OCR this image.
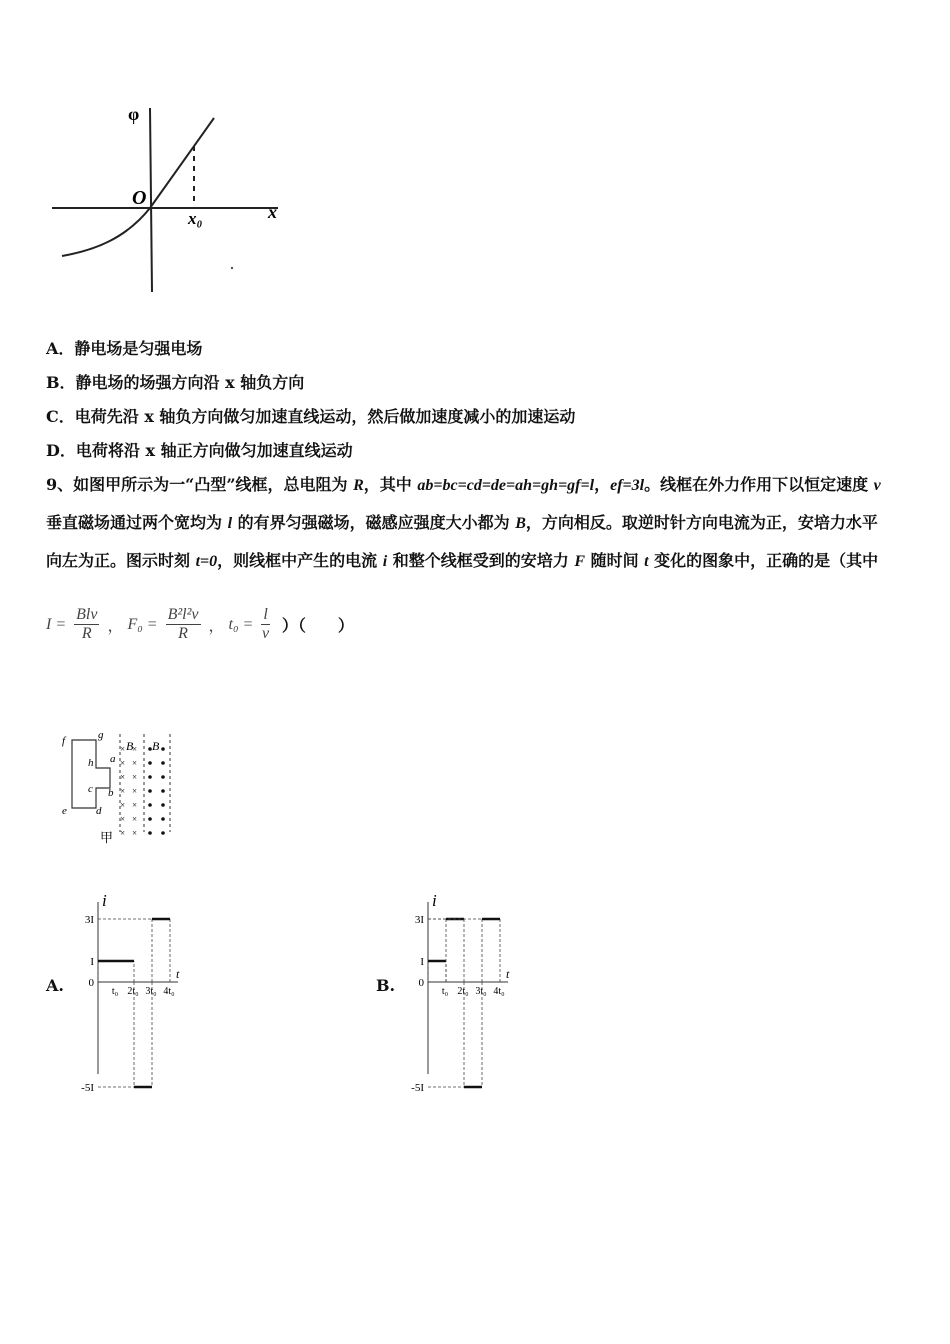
φ
O
x₀	x
A．静电场是匀强电场
B．静电场的场强方向沿 x 轴负方向
C．电荷先沿 x 轴负方向做匀加速直线运动，然后做加速度减小的加速运动
D．电荷将沿 x 轴正方向做匀加速直线运动
9、如图甲所示为一“凸型”线框，总电阻为 R，其中 ab=bc=cd=de=ah=gh=gf=l，ef=3l。线框在外力作用下以恒定速度 v
垂直磁场通过两个宽均为 l 的有界匀强磁场，磁感应强度大小都为 B，方向相反。取逆时针方向电流为正，安培力水平
向左为正。图示时刻 t=0，则线框中产生的电流 i 和整个线框受到的安培力 F 随时间 t 变化的图象中，正确的是（其中
$I = \frac{\text{Blv}}{R}$ ， $F_0 = \frac{\text{B²l²v}}{R}$ ， $t_0 = \frac{l}{v}$ ）（　　）
× ×
× ×
× ×
× ×
× ×
× ×
× ×
f	g
h a
c b
e	d
B B
甲
A.
i
t
3I
I
0
-5I
t₀ 2t₀ 3t₀ 4t₀	B.
i
t
3I
I
0
-5I
t₀ 2t₀ 3t₀ 4t₀
